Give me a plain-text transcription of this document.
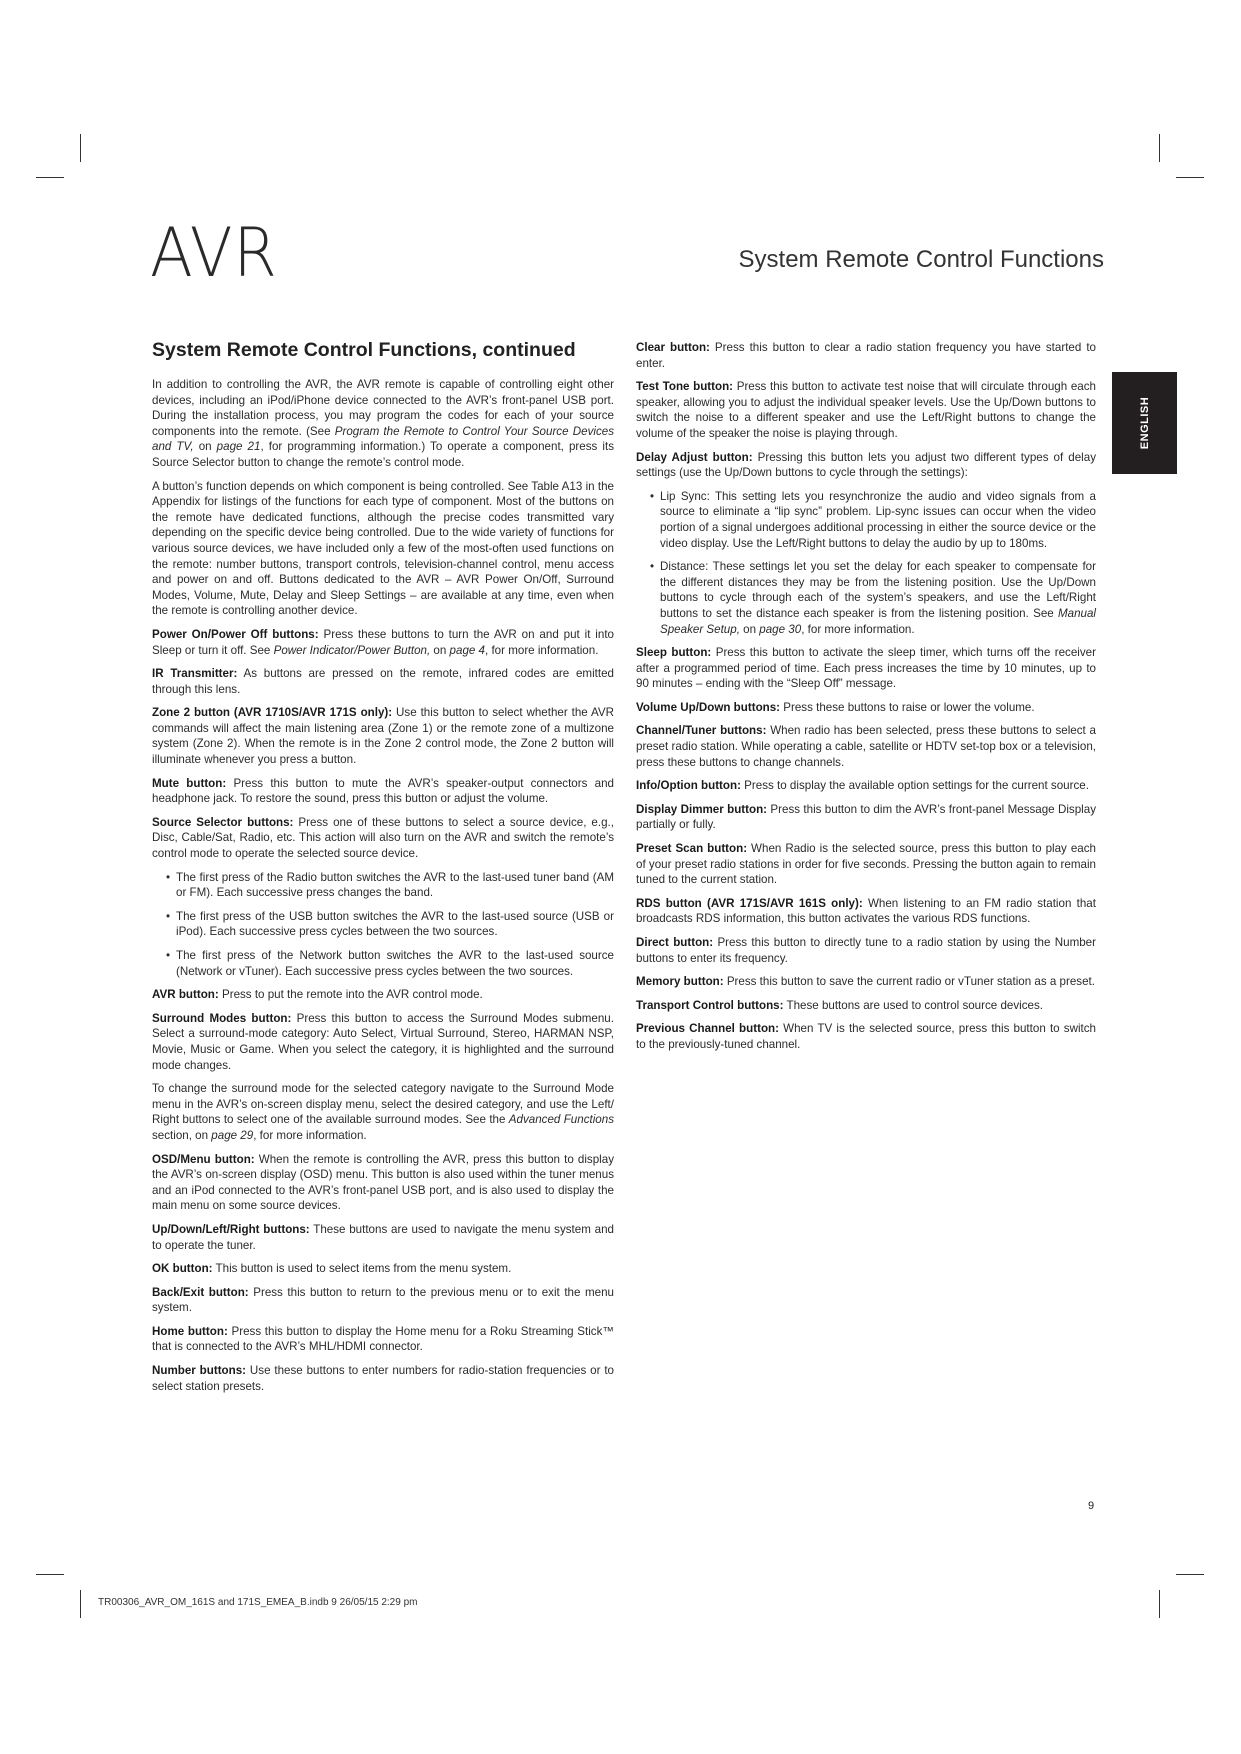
AVR	System Remote Control Functions
ENGLISH
System Remote Control Functions, continued

In addition to controlling the AVR, the AVR remote is capable of controlling eight other devices, including an iPod/iPhone device connected to the AVR’s front-panel USB port. During the installation process, you may program the codes for each of your source components into the remote. (See Program the Remote to Control Your Source Devices and TV, on page 21, for programming information.) To operate a component, press its Source Selector button to change the remote’s control mode.

A button’s function depends on which component is being controlled. See Table A13 in the Appendix for listings of the functions for each type of component. Most of the buttons on the remote have dedicated functions, although the precise codes transmitted vary depending on the specific device being controlled. Due to the wide variety of functions for various source devices, we have included only a few of the most-often used functions on the remote: number buttons, transport controls, television-channel control, menu access and power on and off. Buttons dedicated to the AVR – AVR Power On/Off, Surround Modes, Volume, Mute, Delay and Sleep Settings – are available at any time, even when the remote is controlling another device.

Power On/Power Off buttons: Press these buttons to turn the AVR on and put it into Sleep or turn it off. See Power Indicator/Power Button, on page 4, for more information.

IR Transmitter: As buttons are pressed on the remote, infrared codes are emitted through this lens.

Zone 2 button (AVR 1710S/AVR 171S only): Use this button to select whether the AVR commands will affect the main listening area (Zone 1) or the remote zone of a multizone system (Zone 2). When the remote is in the Zone 2 control mode, the Zone 2 button will illuminate whenever you press a button.

Mute button: Press this button to mute the AVR’s speaker-output connectors and headphone jack. To restore the sound, press this button or adjust the volume.

Source Selector buttons: Press one of these buttons to select a source device, e.g., Disc, Cable/Sat, Radio, etc. This action will also turn on the AVR and switch the remote’s control mode to operate the selected source device.

• The first press of the Radio button switches the AVR to the last-used tuner band (AM or FM). Each successive press changes the band.

• The first press of the USB button switches the AVR to the last-used source (USB or iPod). Each successive press cycles between the two sources.

• The first press of the Network button switches the AVR to the last-used source (Network or vTuner). Each successive press cycles between the two sources.

AVR button: Press to put the remote into the AVR control mode.

Surround Modes button: Press this button to access the Surround Modes submenu. Select a surround-mode category: Auto Select, Virtual Surround, Stereo, HARMAN NSP, Movie, Music or Game. When you select the category, it is highlighted and the surround mode changes.

To change the surround mode for the selected category navigate to the Surround Mode menu in the AVR’s on-screen display menu, select the desired category, and use the Left/ Right buttons to select one of the available surround modes. See the Advanced Functions section, on page 29, for more information.

OSD/Menu button: When the remote is controlling the AVR, press this button to display the AVR’s on-screen display (OSD) menu. This button is also used within the tuner menus and an iPod connected to the AVR’s front-panel USB port, and is also used to display the main menu on some source devices.

Up/Down/Left/Right buttons: These buttons are used to navigate the menu system and to operate the tuner.

OK button: This button is used to select items from the menu system.

Back/Exit button: Press this button to return to the previous menu or to exit the menu system.

Home button: Press this button to display the Home menu for a Roku Streaming Stick™ that is connected to the AVR’s MHL/HDMI connector.

Number buttons: Use these buttons to enter numbers for radio-station frequencies or to select station presets.

Clear button: Press this button to clear a radio station frequency you have started to enter.

Test Tone button: Press this button to activate test noise that will circulate through each speaker, allowing you to adjust the individual speaker levels. Use the Up/Down buttons to switch the noise to a different speaker and use the Left/Right buttons to change the volume of the speaker the noise is playing through.

Delay Adjust button: Pressing this button lets you adjust two different types of delay settings (use the Up/Down buttons to cycle through the settings):

• Lip Sync: This setting lets you resynchronize the audio and video signals from a source to eliminate a “lip sync” problem. Lip-sync issues can occur when the video portion of a signal undergoes additional processing in either the source device or the video display. Use the Left/Right buttons to delay the audio by up to 180ms.

• Distance: These settings let you set the delay for each speaker to compensate for the different distances they may be from the listening position. Use the Up/Down buttons to cycle through each of the system’s speakers, and use the Left/Right buttons to set the distance each speaker is from the listening position. See Manual Speaker Setup, on page 30, for more information.

Sleep button: Press this button to activate the sleep timer, which turns off the receiver after a programmed period of time. Each press increases the time by 10 minutes, up to 90 minutes – ending with the “Sleep Off” message.

Volume Up/Down buttons: Press these buttons to raise or lower the volume.

Channel/Tuner buttons: When radio has been selected, press these buttons to select a preset radio station. While operating a cable, satellite or HDTV set-top box or a television, press these buttons to change channels.

Info/Option button: Press to display the available option settings for the current source.

Display Dimmer button: Press this button to dim the AVR’s front-panel Message Display partially or fully.

Preset Scan button: When Radio is the selected source, press this button to play each of your preset radio stations in order for five seconds. Pressing the button again to remain tuned to the current station.

RDS button (AVR 171S/AVR 161S only): When listening to an FM radio station that broadcasts RDS information, this button activates the various RDS functions.

Direct button: Press this button to directly tune to a radio station by using the Number buttons to enter its frequency.

Memory button: Press this button to save the current radio or vTuner station as a preset.

Transport Control buttons: These buttons are used to control source devices.

Previous Channel button: When TV is the selected source, press this button to switch to the previously-tuned channel.

9
TR00306_AVR_OM_161S and 171S_EMEA_B.indb 9 26/05/15 2:29 pm
